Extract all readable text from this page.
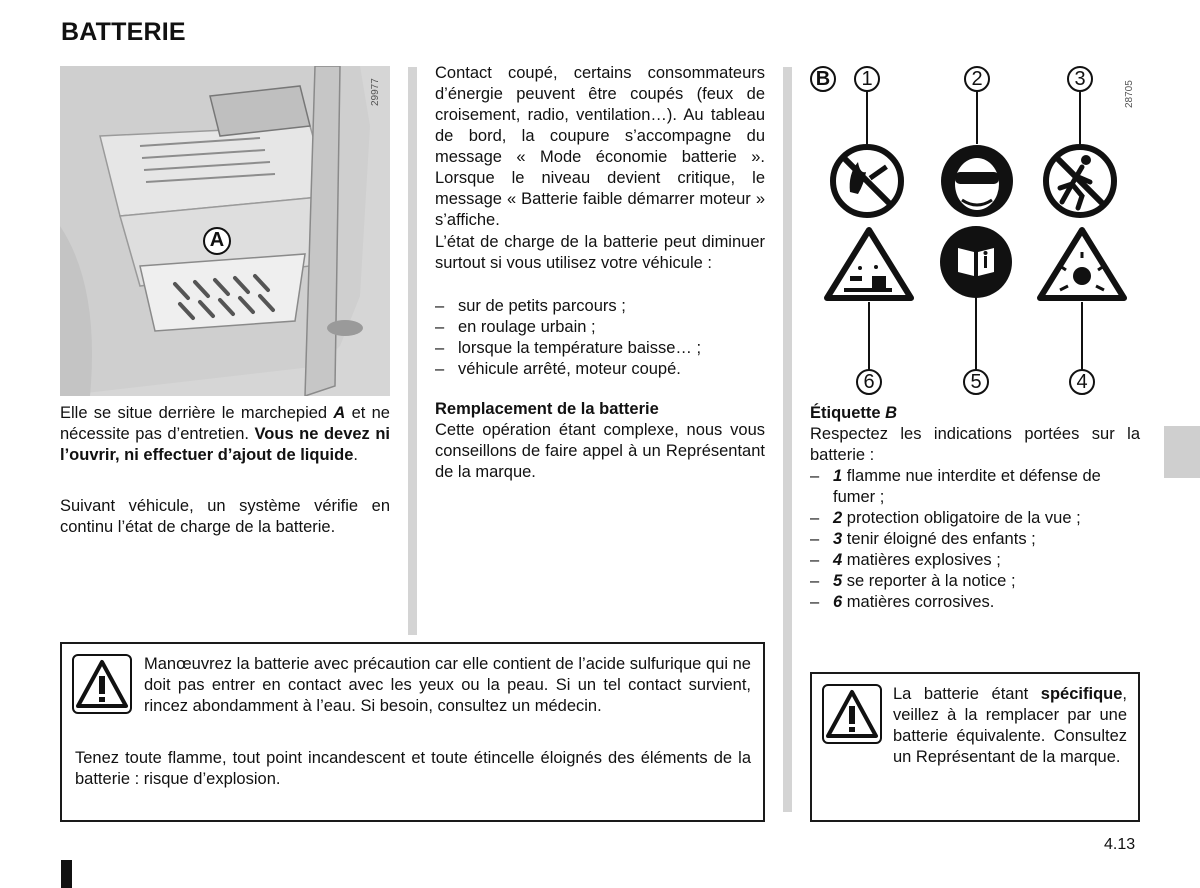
BATTERIE
A
29977
Elle se situe derrière le marchepied A et ne nécessite pas d’entretien. Vous ne devez ni l’ouvrir, ni effectuer d’ajout de liquide.
Suivant véhicule, un système vérifie en continu l’état de charge de la batterie.
Contact coupé, certains consommateurs d’énergie peuvent être coupés (feux de croisement, radio, ventilation…). Au tableau de bord, la coupure s’accompagne du message « Mode économie batterie ». Lorsque le niveau devient critique, le message « Batterie faible démarrer moteur » s’affiche.
L’état de charge de la batterie peut diminuer surtout si vous utilisez votre véhicule :
– sur de petits parcours ;
– en roulage urbain ;
– lorsque la température baisse… ;
– véhicule arrêté, moteur coupé.
Remplacement de la batterie
Cette opération étant complexe, nous vous conseillons de faire appel à un Représentant de la marque.
B 1	2	3
6	5	4
28705
Étiquette B
Respectez les indications portées sur la batterie :
– 1 flamme nue interdite et défense de fumer ;
– 2 protection obligatoire de la vue ;
– 3 tenir éloigné des enfants ;
– 4 matières explosives ;
– 5 se reporter à la notice ;
– 6 matières corrosives.
Manœuvrez la batterie avec précaution car elle contient de l’acide sulfurique qui ne doit pas entrer en contact avec les yeux ou la peau. Si un tel contact survient, rincez abondamment à l’eau. Si besoin, consultez un médecin.
Tenez toute flamme, tout point incandescent et toute étincelle éloignés des éléments de la batterie : risque d’explosion.
La batterie étant spécifique, veillez à la remplacer par une batterie équivalente. Consultez un Représentant de la marque.
4.13
